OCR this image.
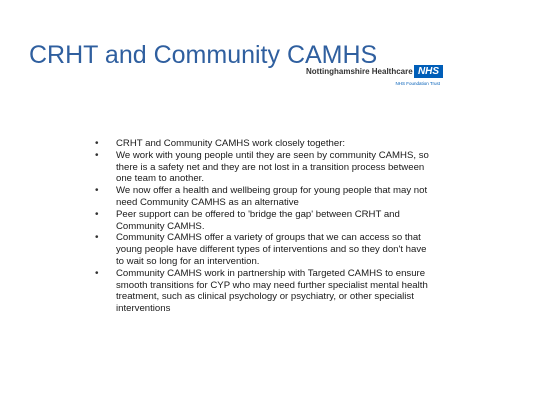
CRHT and Community CAMHS
Nottinghamshire Healthcare NHS
NHS Foundation Trust
• CRHT and Community CAMHS work closely together:
• We work with young people until they are seen by community CAMHS, so there is a safety net and they are not lost in a transition process between one team to another.
• We now offer a health and wellbeing group for young people that may not need Community CAMHS as an alternative
• Peer support can be offered to 'bridge the gap' between CRHT and Community CAMHS.
• Community CAMHS offer a variety of groups that we can access so that young people have different types of interventions and so they don't have to wait so long for an intervention.
• Community CAMHS work in partnership with Targeted CAMHS to ensure smooth transitions for CYP who may need further specialist mental health treatment, such as clinical psychology or psychiatry, or other specialist interventions
